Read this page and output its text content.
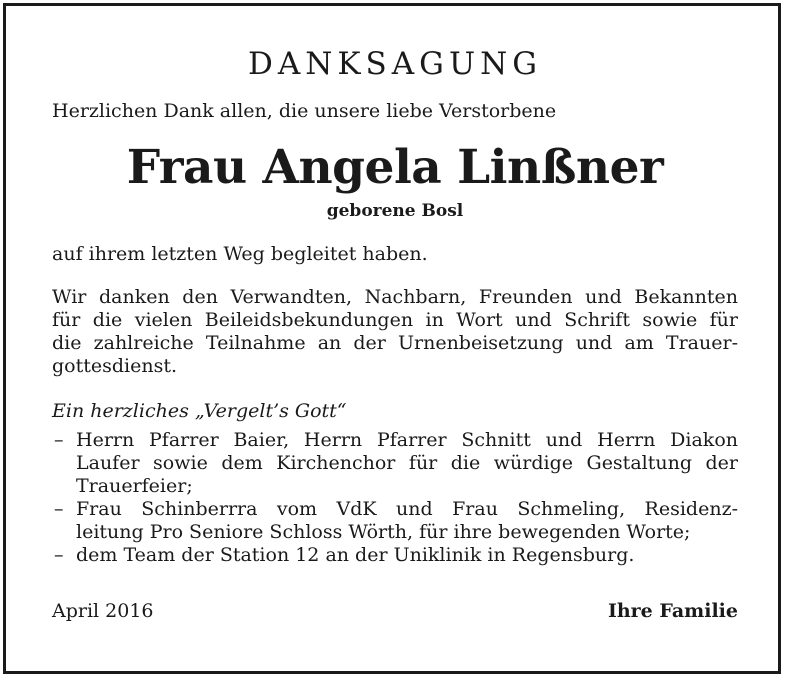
DANKSAGUNG
Herzlichen Dank allen, die unsere liebe Verstorbene
Frau Angela Linßner
geborene Bosl
auf ihrem letzten Weg begleitet haben.
Wir danken den Verwandten, Nachbarn, Freunden und Bekannten
für die vielen Beileidsbekundungen in Wort und Schrift sowie für
die zahlreiche Teilnahme an der Urnenbeisetzung und am Trauer-
gottesdienst.
Ein herzliches „Vergelt’s Gott“
– Herrn Pfarrer Baier, Herrn Pfarrer Schnitt und Herrn Diakon
Laufer sowie dem Kirchenchor für die würdige Gestaltung der
Trauerfeier;
– Frau Schinberrra vom VdK und Frau Schmeling, Residenz-
leitung Pro Seniore Schloss Wörth, für ihre bewegenden Worte;
– dem Team der Station 12 an der Uniklinik in Regensburg.
April 2016	Ihre Familie
